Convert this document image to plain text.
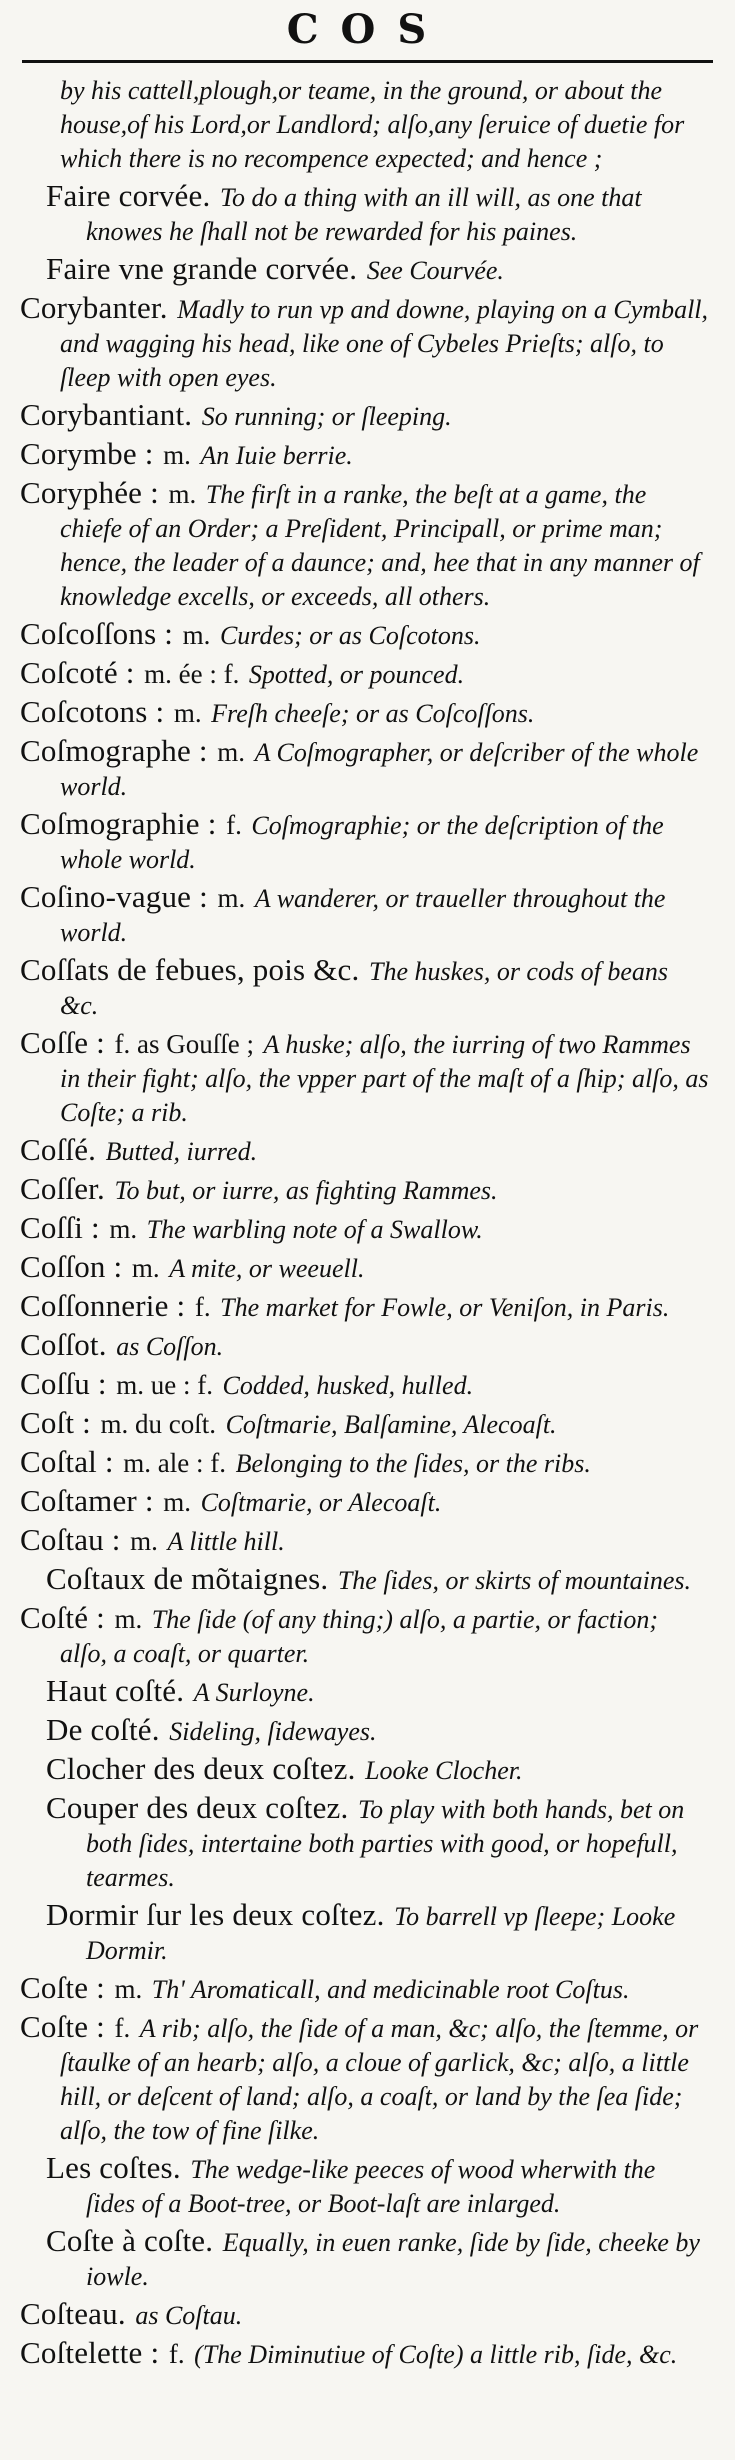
COS
by his cattell,plough,or teame, in the ground, or about the house,of his Lord,or Landlord; alſo,any ſeruice of duetie for which there is no recompence expected; and hence ;
Faire corvée. To do a thing with an ill will, as one that knowes he ſhall not be rewarded for his paines.
Faire vne grande corvée. See Courvée.
Corybanter. Madly to run vp and downe, playing on a Cymball, and wagging his head, like one of Cybeles Prieſts; alſo, to ſleep with open eyes.
Corybantiant. So running; or ſleeping.
Corymbe : m. An Iuie berrie.
Coryphée : m. The firſt in a ranke, the beſt at a game, the chiefe of an Order; a Preſident, Principall, or prime man; hence, the leader of a daunce; and, hee that in any manner of knowledge excells, or exceeds, all others.
Coſcoſſons : m. Curdes; or as Coſcotons.
Coſcoté : m. ée : f. Spotted, or pounced.
Coſcotons : m. Freſh cheeſe; or as Coſcoſſons.
Coſmographe : m. A Coſmographer, or deſcriber of the whole world.
Coſmographie : f. Coſmographie; or the deſcription of the whole world.
Coſino-vague : m. A wanderer, or traueller throughout the world.
Coſſats de febues, pois &c. The huskes, or cods of beans &c.
Coſſe : f. as Gouſſe ; A huske; alſo, the iurring of two Rammes in their fight; alſo, the vpper part of the maſt of a ſhip; alſo, as Coſte; a rib.
Coſſé. Butted, iurred.
Coſſer. To but, or iurre, as fighting Rammes.
Coſſi : m. The warbling note of a Swallow.
Coſſon : m. A mite, or weeuell.
Coſſonnerie : f. The market for Fowle, or Veniſon, in Paris.
Coſſot. as Coſſon.
Coſſu : m. ue : f. Codded, husked, hulled.
Coſt : m. du coſt. Coſtmarie, Balſamine, Alecoaſt.
Coſtal : m. ale : f. Belonging to the ſides, or the ribs.
Coſtamer : m. Coſtmarie, or Alecoaſt.
Coſtau : m. A little hill.
Coſtaux de mõtaignes. The ſides, or skirts of mountaines.
Coſté : m. The ſide (of any thing;) alſo, a partie, or faction; alſo, a coaſt, or quarter.
Haut coſté. A Surloyne.
De coſté. Sideling, ſidewayes.
Clocher des deux coſtez. Looke Clocher.
Couper des deux coſtez. To play with both hands, bet on both ſides, intertaine both parties with good, or hopefull, tearmes.
Dormir ſur les deux coſtez. To barrell vp ſleepe; Looke Dormir.
Coſte : m. Th' Aromaticall, and medicinable root Coſtus.
Coſte : f. A rib; alſo, the ſide of a man, &c; alſo, the ſtemme, or ſtaulke of an hearb; alſo, a cloue of garlick, &c; alſo, a little hill, or deſcent of land; alſo, a coaſt, or land by the ſea ſide; alſo, the tow of fine ſilke.
Les coſtes. The wedge-like peeces of wood wherwith the ſides of a Boot-tree, or Boot-laſt are inlarged.
Coſte à coſte. Equally, in euen ranke, ſide by ſide, cheeke by iowle.
Coſteau. as Coſtau.
Coſtelette : f. (The Diminutiue of Coſte) a little rib, ſide, &c.
